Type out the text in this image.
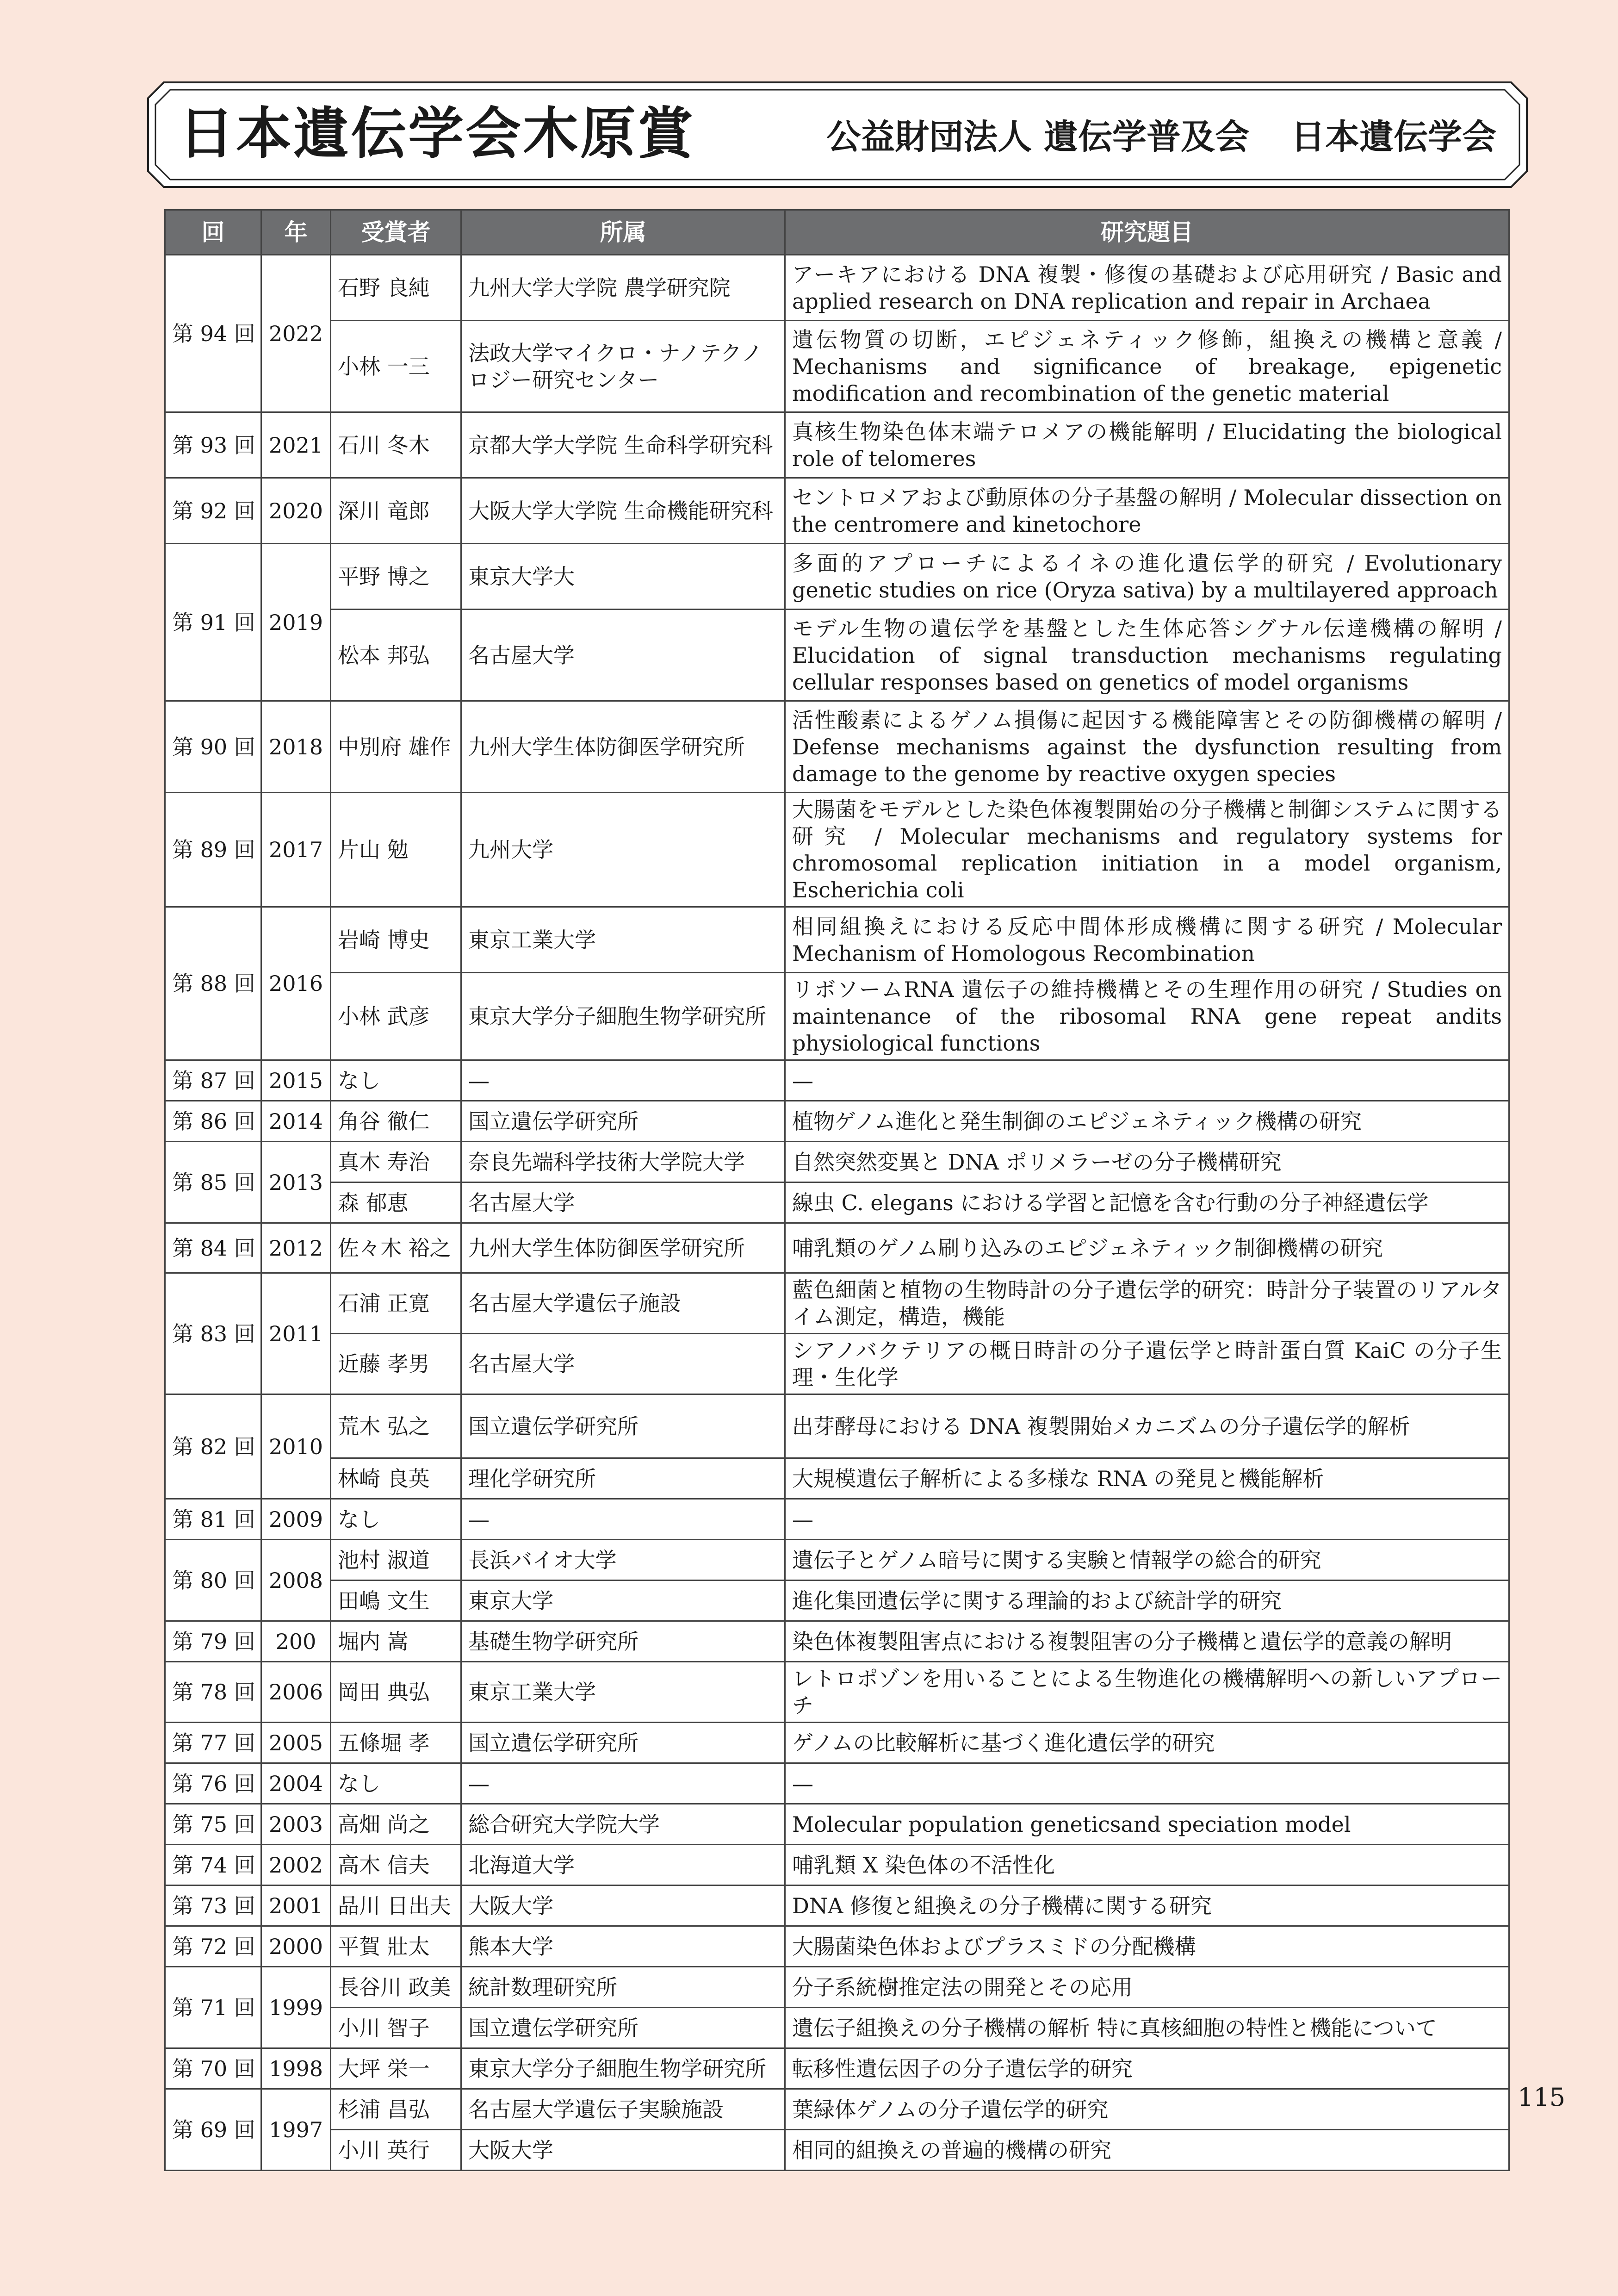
日本遺伝学会木原賞	公益財団法人 遺伝学普及会 日本遺伝学会
回	年	受賞者	所属	研究題目
第 94 回	2022	石野 良純	九州大学大学院 農学研究院	アーキアにおける DNA 複製・修復の基礎および応用研究 / Basic and applied research on DNA replication and repair in Archaea
		小林 一三	法政大学マイクロ・ナノテクノロジー研究センター	遺伝物質の切断，エピジェネティック修飾，組換えの機構と意義 / Mechanisms and significance of breakage, epigenetic modification and recombination of the genetic material
第 93 回	2021	石川 冬木	京都大学大学院 生命科学研究科	真核生物染色体末端テロメアの機能解明 / Elucidating the biological role of telomeres
第 92 回	2020	深川 竜郎	大阪大学大学院 生命機能研究科	セントロメアおよび動原体の分子基盤の解明 / Molecular dissection on the centromere and kinetochore
第 91 回	2019	平野 博之	東京大学大	多面的アプローチによるイネの進化遺伝学的研究 / Evolutionary genetic studies on rice (Oryza sativa) by a multilayered approach
		松本 邦弘	名古屋大学	モデル生物の遺伝学を基盤とした生体応答シグナル伝達機構の解明 / Elucidation of signal transduction mechanisms regulating cellular responses based on genetics of model organisms
第 90 回	2018	中別府 雄作	九州大学生体防御医学研究所	活性酸素によるゲノム損傷に起因する機能障害とその防御機構の解明 / Defense mechanisms against the dysfunction resulting from damage to the genome by reactive oxygen species
第 89 回	2017	片山 勉	九州大学	大腸菌をモデルとした染色体複製開始の分子機構と制御システムに関する研究 / Molecular mechanisms and regulatory systems for chromosomal replication initiation in a model organism, Escherichia coli
第 88 回	2016	岩崎 博史	東京工業大学	相同組換えにおける反応中間体形成機構に関する研究 / Molecular Mechanism of Homologous Recombination
		小林 武彦	東京大学分子細胞生物学研究所	リボソームRNA 遺伝子の維持機構とその生理作用の研究 / Studies on maintenance of the ribosomal RNA gene repeat andits physiological functions
第 87 回	2015	なし	—	—
第 86 回	2014	角谷 徹仁	国立遺伝学研究所	植物ゲノム進化と発生制御のエピジェネティック機構の研究
第 85 回	2013	真木 寿治	奈良先端科学技術大学院大学	自然突然変異と DNA ポリメラーゼの分子機構研究
		森 郁恵	名古屋大学	線虫 C. elegans における学習と記憶を含む行動の分子神経遺伝学
第 84 回	2012	佐々木 裕之	九州大学生体防御医学研究所	哺乳類のゲノム刷り込みのエピジェネティック制御機構の研究
第 83 回	2011	石浦 正寛	名古屋大学遺伝子施設	藍色細菌と植物の生物時計の分子遺伝学的研究：時計分子装置のリアルタイム測定，構造，機能
		近藤 孝男	名古屋大学	シアノバクテリアの概日時計の分子遺伝学と時計蛋白質 KaiC の分子生理・生化学
第 82 回	2010	荒木 弘之	国立遺伝学研究所	出芽酵母における DNA 複製開始メカニズムの分子遺伝学的解析
		林崎 良英	理化学研究所	大規模遺伝子解析による多様な RNA の発見と機能解析
第 81 回	2009	なし	—	—
第 80 回	2008	池村 淑道	長浜バイオ大学	遺伝子とゲノム暗号に関する実験と情報学の総合的研究
		田嶋 文生	東京大学	進化集団遺伝学に関する理論的および統計学的研究
第 79 回	200	堀内 嵩	基礎生物学研究所	染色体複製阻害点における複製阻害の分子機構と遺伝学的意義の解明
第 78 回	2006	岡田 典弘	東京工業大学	レトロポゾンを用いることによる生物進化の機構解明への新しいアプローチ
第 77 回	2005	五條堀 孝	国立遺伝学研究所	ゲノムの比較解析に基づく進化遺伝学的研究
第 76 回	2004	なし	—	—
第 75 回	2003	高畑 尚之	総合研究大学院大学	Molecular population geneticsand speciation model
第 74 回	2002	高木 信夫	北海道大学	哺乳類 X 染色体の不活性化
第 73 回	2001	品川 日出夫	大阪大学	DNA 修復と組換えの分子機構に関する研究
第 72 回	2000	平賀 壯太	熊本大学	大腸菌染色体およびプラスミドの分配機構
第 71 回	1999	長谷川 政美	統計数理研究所	分子系統樹推定法の開発とその応用
		小川 智子	国立遺伝学研究所	遺伝子組換えの分子機構の解析 特に真核細胞の特性と機能について
第 70 回	1998	大坪 栄一	東京大学分子細胞生物学研究所	転移性遺伝因子の分子遺伝学的研究
第 69 回	1997	杉浦 昌弘	名古屋大学遺伝子実験施設	葉緑体ゲノムの分子遺伝学的研究
		小川 英行	大阪大学	相同的組換えの普遍的機構の研究
115
